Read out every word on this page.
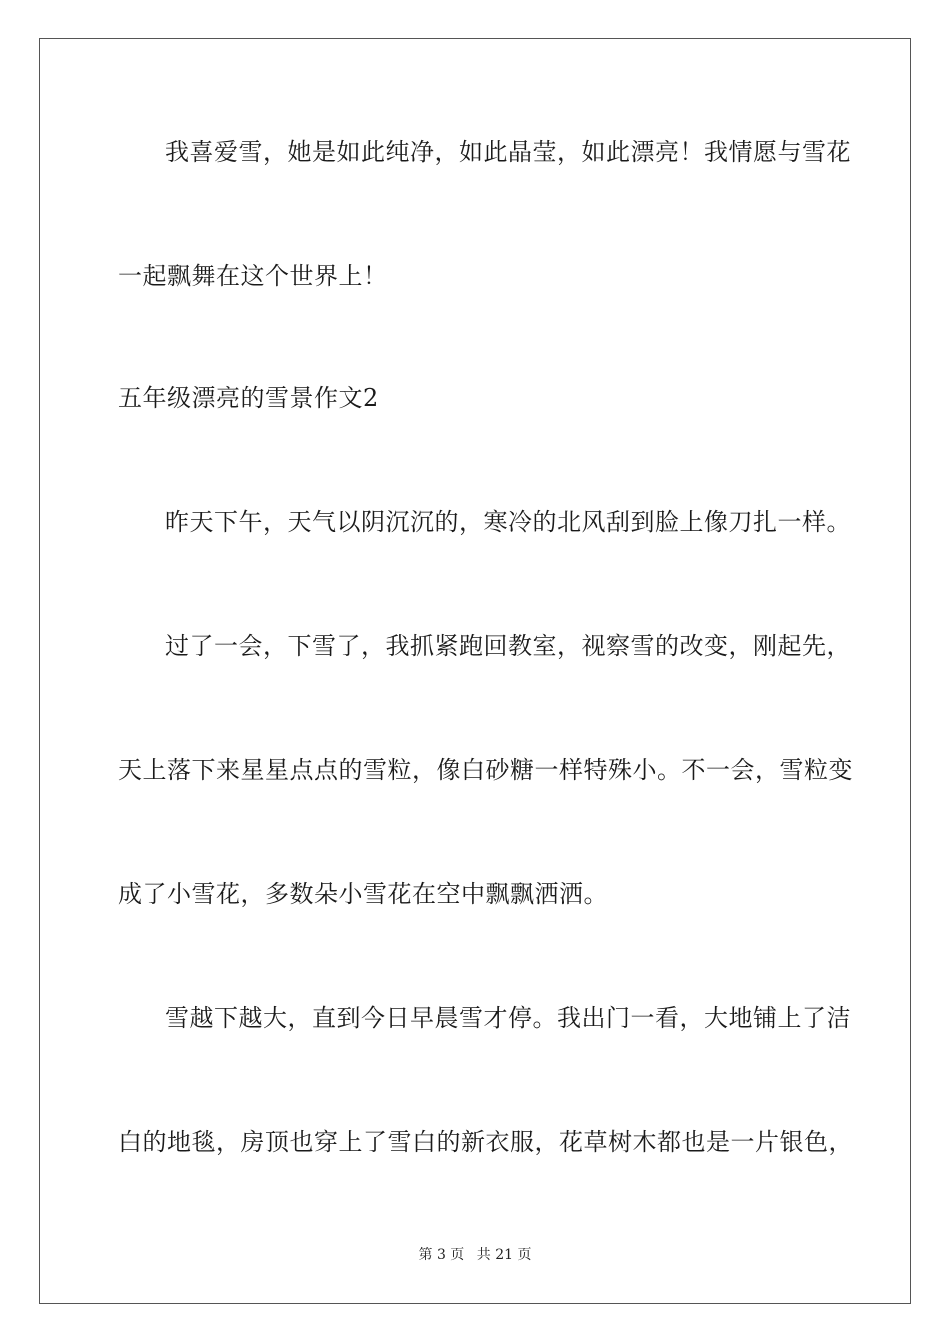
我喜爱雪，她是如此纯净，如此晶莹，如此漂亮！我情愿与雪花
一起飘舞在这个世界上！
五年级漂亮的雪景作文2
昨天下午，天气以阴沉沉的，寒冷的北风刮到脸上像刀扎一样。
过了一会，下雪了，我抓紧跑回教室，视察雪的改变，刚起先，
天上落下来星星点点的雪粒，像白砂糖一样特殊小。不一会，雪粒变
成了小雪花，多数朵小雪花在空中飘飘洒洒。
雪越下越大，直到今日早晨雪才停。我出门一看，大地铺上了洁
白的地毯，房顶也穿上了雪白的新衣服，花草树木都也是一片银色，
第 3 页 共 21 页
